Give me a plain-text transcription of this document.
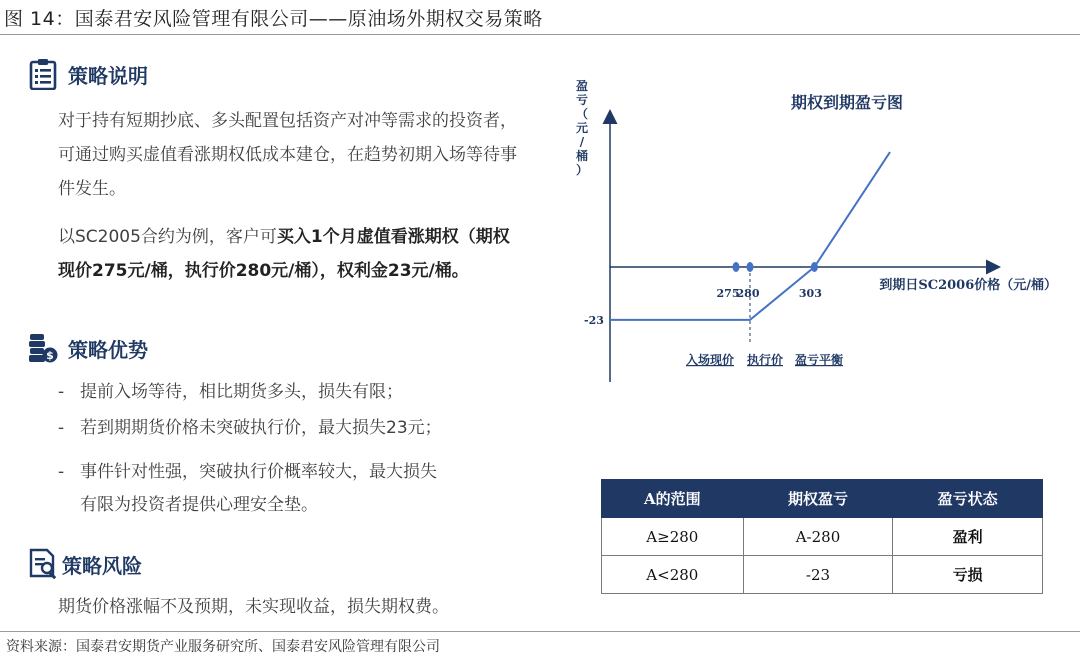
图 14：国泰君安风险管理有限公司——原油场外期权交易策略
策略说明
对于持有短期抄底、多头配置包括资产对冲等需求的投资者，可通过购买虚值看涨期权低成本建仓，在趋势初期入场等待事件发生。
以SC2005合约为例，客户可买入1个月虚值看涨期权（期权现价275元/桶，执行价280元/桶），权利金23元/桶。
$ 策略优势
- 提前入场等待，相比期货多头，损失有限；
- 若到期期货价格未突破执行价，最大损失23元；
- 事件针对性强，突破执行价概率较大，最大损失
有限为投资者提供心理安全垫。
策略风险
期货价格涨幅不及预期，未实现收益，损失期权费。
盈
亏
（
元
/
桶
）
期权到期盈亏图
到期日SC2006价格（元/桶）
275
280	303
-23
入场现价 执行价 盈亏平衡
A的范围	期权盈亏	盈亏状态
A≥280	A-280	盈利
A<280	-23	亏损
资料来源：国泰君安期货产业服务研究所、国泰君安风险管理有限公司
